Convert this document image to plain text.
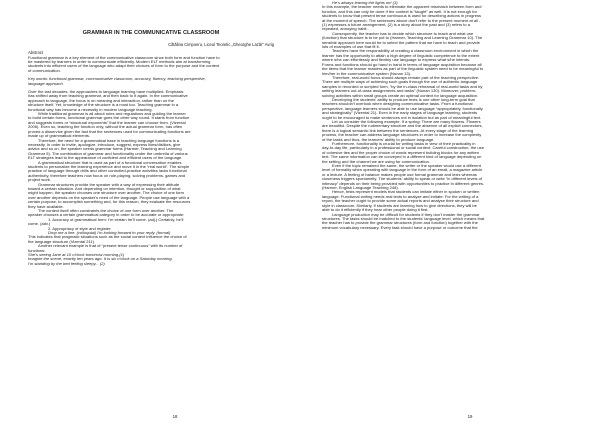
GRAMMAR IN THE COMMUNICATIVE CLASSROOM
Cătălina Cimpoeru, Liceul Teoretic „Gheorghe Lazăr” Avrig
Abstract
Functional grammar is a key element of the communicative classroom since both form and function have to
be mastered by learners in order to communicate efficiently. Modern ELT methods aim at transforming
students into efficient users of the language who adapt their choices of form to the purpose and the context
of communication.
Key words: functional grammar, communicative classroom, accuracy, fluency, teaching perspective,
language approach.
Over the last decades, the approaches to language learning have multiplied. Emphasis
has shifted away from teaching grammar, and then back to it again. In the communicative
approach to language, the focus is on meaning and interaction, rather than on the
structure itself. Yet, knowledge of the structure is a must too. Teaching grammar in a
functional way has become a necessity in modern language teaching.
While traditional grammar is all about rules and regulations and guiding the learner
to build certain forms, functional grammar goes the other way round. It starts from function
and suggests forms or “structural exponents” that the learner can choose from. (Vizental
2006). Even so, teaching the function only, without the actual grammar form, has often
proved a disservice given the fact that the sentences used for communicating functions are
made up of grammatical elements.
Therefore, the need for a grammatical base in teaching language functions is a
necessity. In order to invite, apologize, introduce, suggest, express likes/dislikes, give
advice and so on, the speaker needs grammar forms (Harmer, Teaching and Learning
Grammar 5). The combination of grammar and functionality under the umbrella of various
ELT strategies lead to the appearance of confident and efficient users of the language.
A grammatical structure that is used as part of a functional conversation enables
students to personalize the learning experience and move it in the “real world”. The simple
practice of language through drills and other controlled-practice activities lacks functional
authenticity, therefore teachers now focus on role-playing, solving problems, games and
project work.
Grammar structures provide the speaker with a way of expressing their attitude
toward a certain situation. And depending on intention, thought or supposition of what
might happen, the speaker chooses one structure over another. The choice of one form
over another depends on the speaker's need of the language. People use language with a
certain purpose, to accomplish something and, for this reason, they evaluate the resources
they have available.
The context itself often constraints the choice of one form over another. The
speaker chooses a certain grammatical category in order to be accurate or appropriate:
1. Accuracy of grammatical form: I'm certain he'll come. (adj.) Certainly, he'll
come. (adv.)
2. Appropriacy of style and register:
Drop me a line. (colloquial) I'm looking forward to your reply. (formal)
This indicates that pragmatic situations such as the social context influence the choice of
the language structure (Vizental 211).
Another relevant example is that of “present tense continuous” with its number of
functions:
She's seeing Jane at 10 o'clock tomorrow morning.(1)
Imagine the scene, exactly ten years ago. It is six o'clock on a Saturday morning.
I'm standing by the bed feeling sleepy... (2)
18
He's always leaving the lights on! (3)
In this example, the teacher needs to eliminate the apparent mismatch between form and
function, and this can only be done if the context is “taught” as well. It is not enough for
students to know that present tense continuous is used for describing actions in progress
at the moment of speech. The sentences above don't refer to the present moment at all -
(1) expresses a future arrangement, (2) is a story about the past and (3) refers to a
repeated, annoying habit.
Consequently, the teacher has to decide which structure to teach and what use
(function) that structure is to be put to (Harmer, Teaching and Learning Grammar 10). The
sensible approach here would be to select the pattern that we have to teach and provide
lots of examples of use that fit it.
Teachers have the responsibility of creating a classroom environment in which the
learner has the opportunity to attain a high degree of linguistic competence to the extent
where s/he can effortlessly and flexibly use language to express what s/he intends.
Forms and functions should go hand in hand in terms of language acquisition because all
the items that the learner masters as part of the linguistic system need to be meaningful to
him/her in the communicative system (Nunan 13).
Therefore, real-world focus should always remain part of the teaching perspective.
There are multiple ways of achieving such goals through the use of authentic language
samples in recorded or scripted form, “by the in-class rehearsal of real-world tasks and by
setting learners out-of-class assignments and tasks” (Nunan 130). Moreover, problem-
solving activities within small groups create an optimal context for language acquisition.
Developing the students' ability to produce texts is one other long-term goal that
teachers shouldn't overlook when designing communicative tasks. From a functional
perspective, language learners should be able to use language “appropriately, functionally
and strategically” (Vizental 21). Even in the early stages of language learning, students
ought to be encouraged to make sentences not in isolation but as part of meaningful text.
Let us consider the following example. If a spring: There are many flowers. Flowers
are beautiful. Despite the rudimentary structure and the absence of all explicit connectors,
there is a logical semantic link between the sentences. At every stage of the learning
process, the teacher can address language structures in order to increase the complexity
of the tasks and thus, the learners' ability to produce language.
Furthermore, functionality is crucial for writing tasks in view of their practicality in
day-to-day life, particularly in a professional or social context. Careful construction, the use
of cohesive ties and the proper choice of words represent building blocks for any written
text. The same information can be conveyed in a different kind of language depending on
the setting and the channel we are using for communication.
Even if the topic remained the same, the writer or the speaker would use a different
level of formality when operating with language in the form of an email, a magazine article
or a lecture. A feeling of balance makes people use formal grammar and lexis whereas
closeness triggers spontaneity. The students' ability to speak or write “in different levels of
intimacy” depends on their being provided with opportunities to practice in different genres.
(Harmer, English Language Teaching 248).
Hence, tests represent models that students can imitate either in spoken or written
language. Functional writing needs real texts to analyze and imitate. For the writing of a
report, the teacher ought to provide some actual reports and analyse their structure and
style in classroom. Similarly, if students are learning how to give directions, they will be
able to do it efficiently if they hear other people doing it first.
Language production may be difficult for students if they don't master the grammar
structures. The tasks should be matched to the students' language level, which means that
the teacher has to provide the grammar structures (form and function) together with the
minimum vocabulary necessary. Every task should have a purpose or outcome that the
19
